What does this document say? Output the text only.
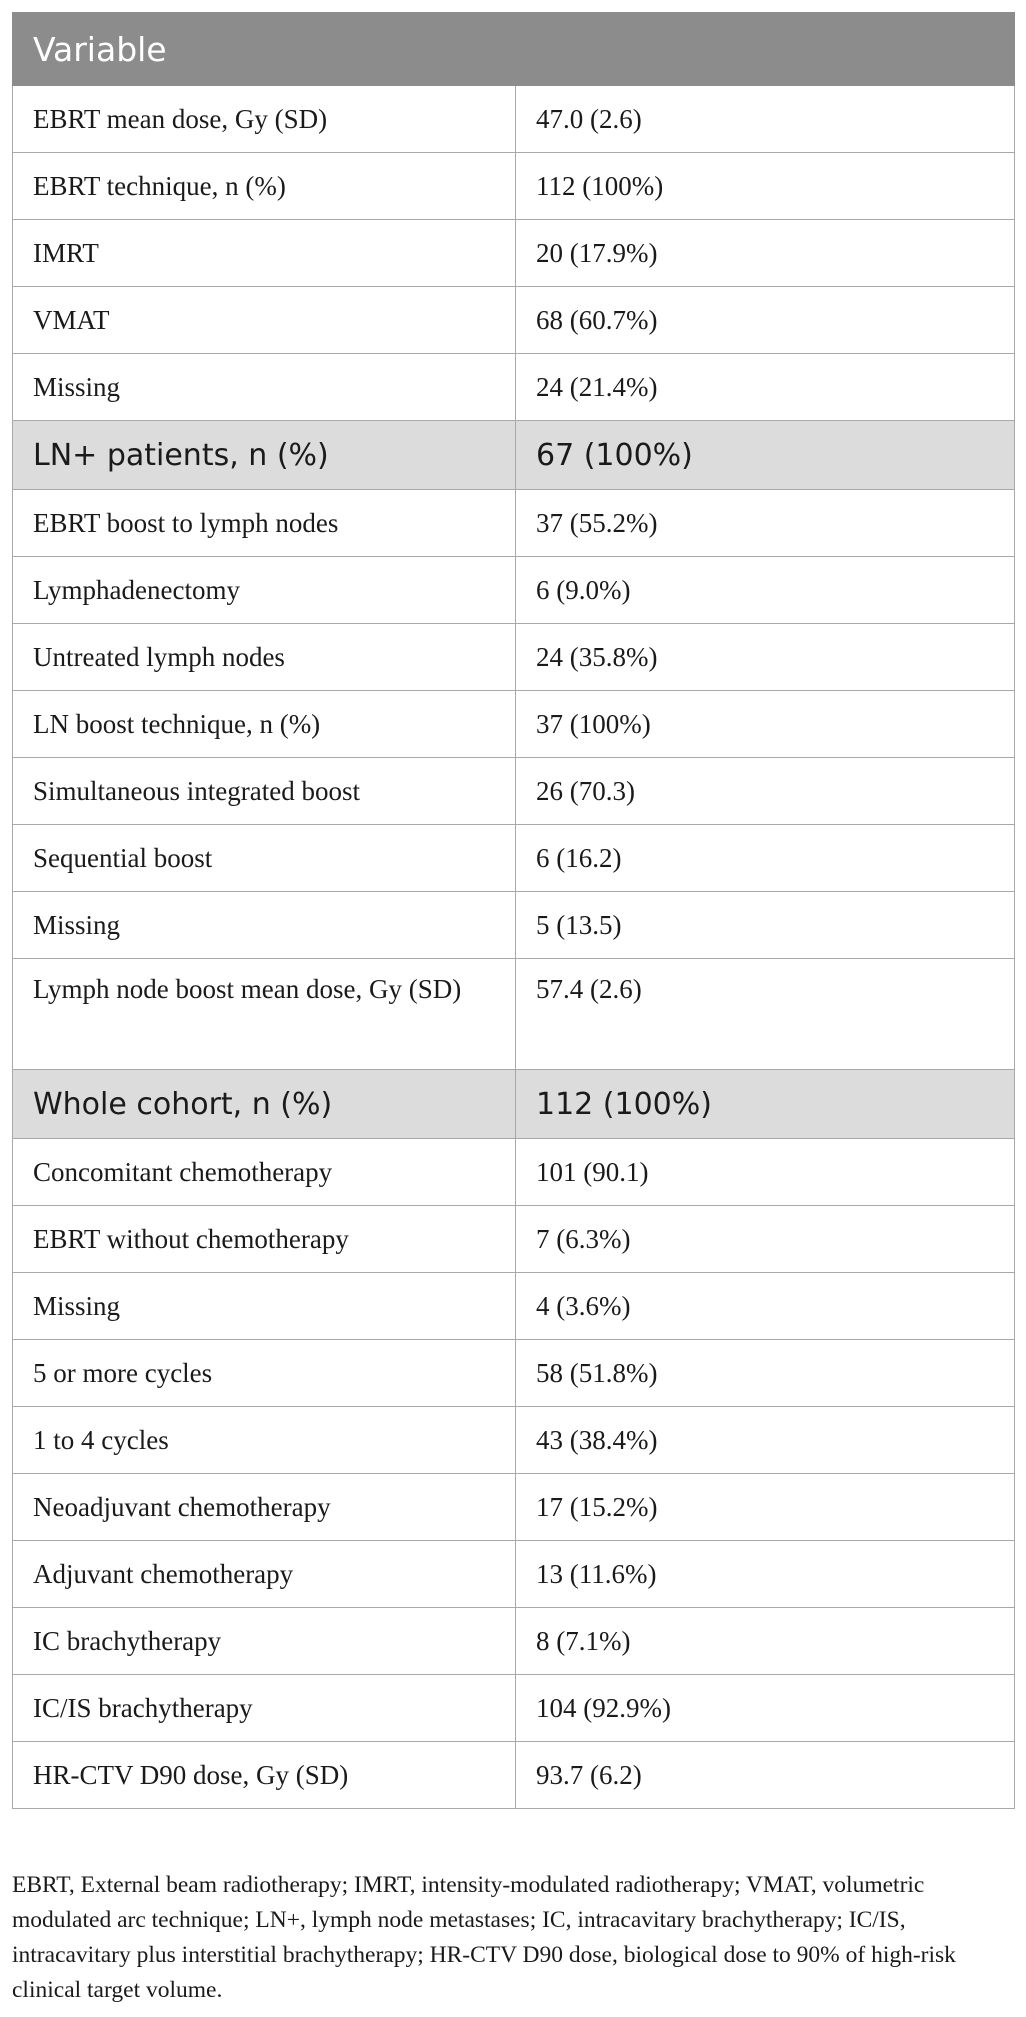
Variable	
EBRT mean dose, Gy (SD)	47.0 (2.6)
EBRT technique, n (%)	112 (100%)
IMRT	20 (17.9%)
VMAT	68 (60.7%)
Missing	24 (21.4%)
LN+ patients, n (%)	67 (100%)
EBRT boost to lymph nodes	37 (55.2%)
Lymphadenectomy	6 (9.0%)
Untreated lymph nodes	24 (35.8%)
LN boost technique, n (%)	37 (100%)
Simultaneous integrated boost	26 (70.3)
Sequential boost	6 (16.2)
Missing	5 (13.5)
Lymph node boost mean dose, Gy (SD)	57.4 (2.6)
Whole cohort, n (%)	112 (100%)
Concomitant chemotherapy	101 (90.1)
EBRT without chemotherapy	7 (6.3%)
Missing	4 (3.6%)
5 or more cycles	58 (51.8%)
1 to 4 cycles	43 (38.4%)
Neoadjuvant chemotherapy	17 (15.2%)
Adjuvant chemotherapy	13 (11.6%)
IC brachytherapy	8 (7.1%)
IC/IS brachytherapy	104 (92.9%)
HR-CTV D90 dose, Gy (SD)	93.7 (6.2)

EBRT, External beam radiotherapy; IMRT, intensity-modulated radiotherapy; VMAT, volumetric modulated arc technique; LN+, lymph node metastases; IC, intracavitary brachytherapy; IC/IS, intracavitary plus interstitial brachytherapy; HR-CTV D90 dose, biological dose to 90% of high-risk clinical target volume.
